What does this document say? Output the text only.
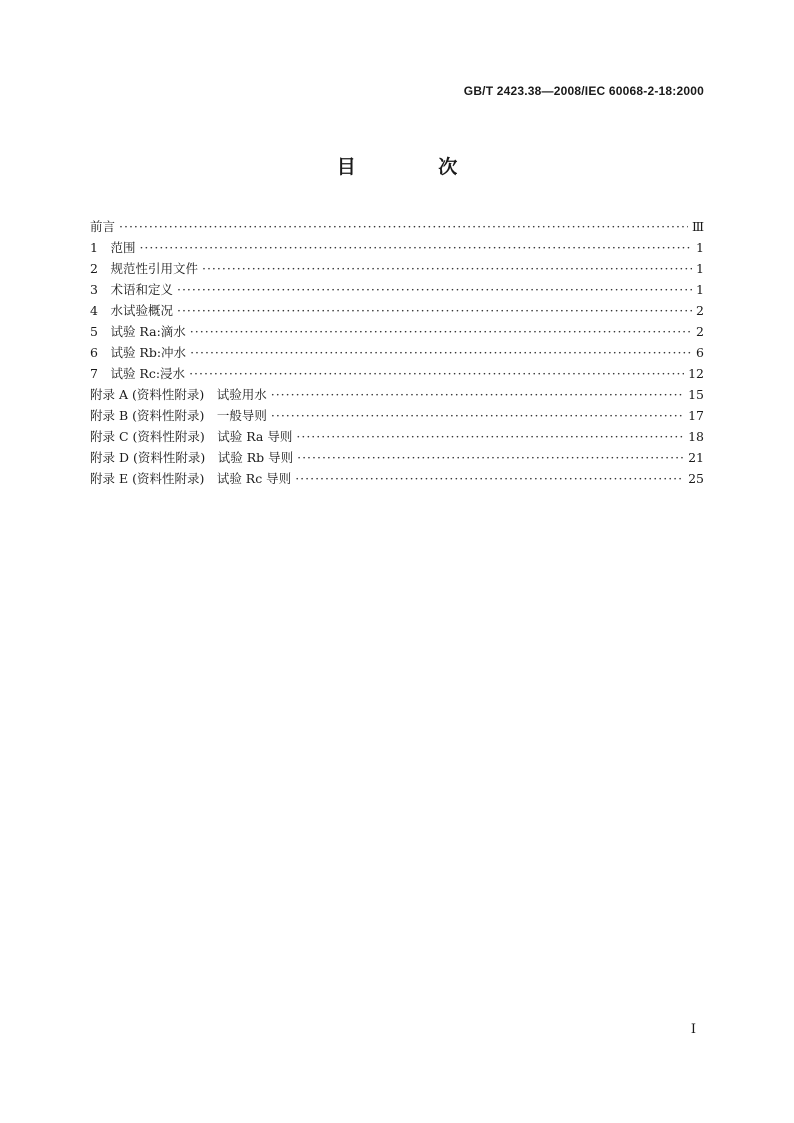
GB/T 2423.38—2008/IEC 60068-2-18:2000
目 次
前言 ·····	Ⅲ
1　范围 ·····	1
2　规范性引用文件 ·····	1
3　术语和定义 ·····	1
4　水试验概况 ·····	2
5　试验 Ra:滴水 ·····	2
6　试验 Rb:冲水 ·····	6
7　试验 Rc:浸水 ·····	12
附录 A (资料性附录)　试验用水 ·····	15
附录 B (资料性附录)　一般导则 ·····	17
附录 C (资料性附录)　试验 Ra 导则 ·····	18
附录 D (资料性附录)　试验 Rb 导则 ·····	21
附录 E (资料性附录)　试验 Rc 导则 ·····	25
I
